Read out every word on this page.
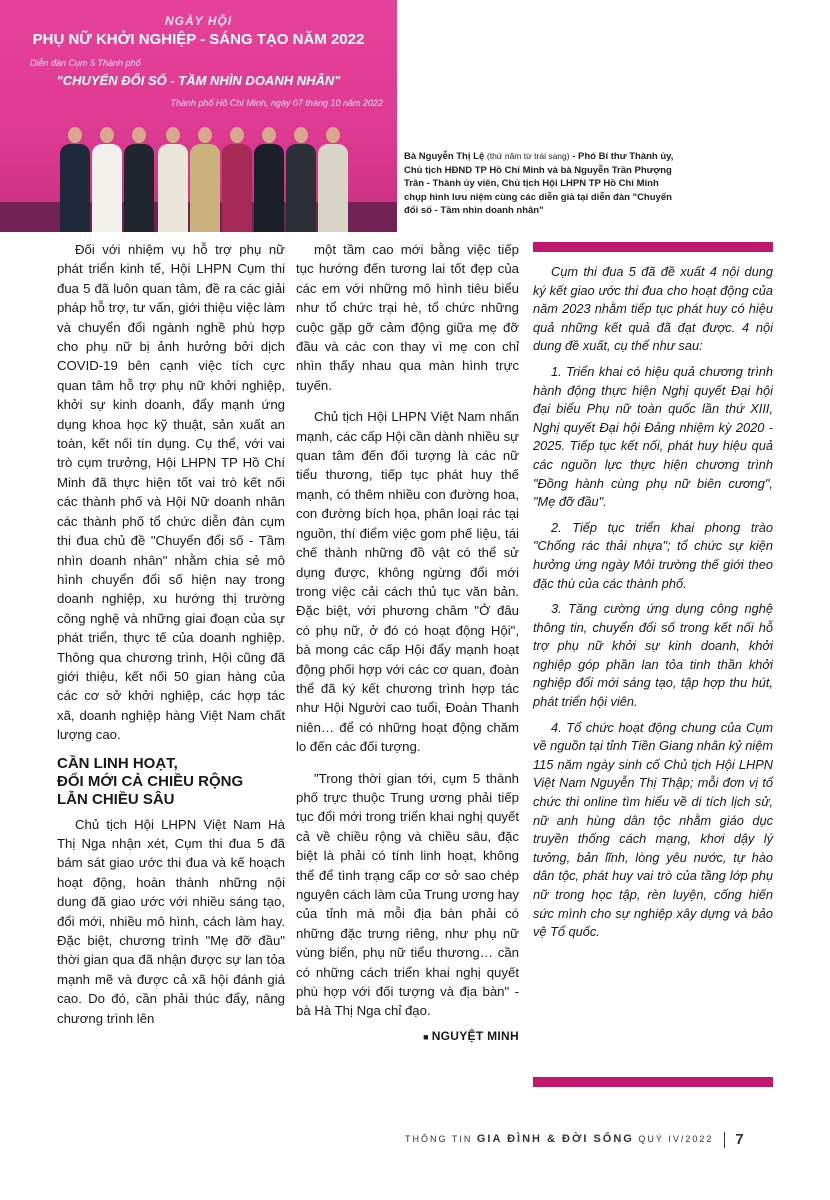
NGÀY HỘI
PHỤ NỮ KHỞI NGHIỆP - SÁNG TẠO NĂM 2022
Diễn đàn Cụm 5 Thành phố
"CHUYỂN ĐỔI SỐ - TẦM NHÌN DOANH NHÂN"
Thành phố Hồ Chí Minh, ngày 07 tháng 10 năm 2022
Bà Nguyễn Thị Lệ (thứ năm từ trái sang) - Phó Bí thư Thành ủy, Chủ tịch HĐND TP Hồ Chí Minh và bà Nguyễn Trần Phượng Trân - Thành ủy viên, Chủ tịch Hội LHPN TP Hồ Chí Minh chụp hình lưu niệm cùng các diễn giả tại diễn đàn "Chuyển đổi số - Tầm nhìn doanh nhân"

Đối với nhiệm vụ hỗ trợ phụ nữ phát triển kinh tế, Hội LHPN Cụm thi đua 5 đã luôn quan tâm, đề ra các giải pháp hỗ trợ, tư vấn, giới thiệu việc làm và chuyển đổi ngành nghề phù hợp cho phụ nữ bị ảnh hưởng bởi dịch COVID-19 bên cạnh việc tích cực quan tâm hỗ trợ phụ nữ khởi nghiệp, khởi sự kinh doanh, đẩy mạnh ứng dụng khoa học kỹ thuật, sản xuất an toàn, kết nối tín dụng. Cụ thể, với vai trò cụm trưởng, Hội LHPN TP Hồ Chí Minh đã thực hiện tốt vai trò kết nối các thành phố và Hội Nữ doanh nhân các thành phố tổ chức diễn đàn cụm thi đua chủ đề "Chuyển đổi số - Tầm nhìn doanh nhân" nhằm chia sẻ mô hình chuyển đổi số hiện nay trong doanh nghiệp, xu hướng thị trường công nghệ và những giai đoạn của sự phát triển, thực tế của doanh nghiệp. Thông qua chương trình, Hội cũng đã giới thiệu, kết nối 50 gian hàng của các cơ sở khởi nghiệp, các hợp tác xã, doanh nghiệp hàng Việt Nam chất lượng cao.

CẦN LINH HOẠT,
ĐỔI MỚI CẢ CHIỀU RỘNG
LẪN CHIỀU SÂU

Chủ tịch Hội LHPN Việt Nam Hà Thị Nga nhận xét, Cụm thi đua 5 đã bám sát giao ước thi đua và kế hoạch hoạt động, hoàn thành những nội dung đã giao ước với nhiều sáng tạo, đổi mới, nhiều mô hình, cách làm hay. Đặc biệt, chương trình "Mẹ đỡ đầu" thời gian qua đã nhận được sự lan tỏa mạnh mẽ và được cả xã hội đánh giá cao. Do đó, cần phải thúc đẩy, nâng chương trình lên

một tầm cao mới bằng việc tiếp tục hướng đến tương lai tốt đẹp của các em với những mô hình tiêu biểu như tổ chức trại hè, tổ chức những cuộc gặp gỡ cảm động giữa mẹ đỡ đầu và các con thay vì mẹ con chỉ nhìn thấy nhau qua màn hình trực tuyến.

Chủ tịch Hội LHPN Việt Nam nhấn mạnh, các cấp Hội cần dành nhiều sự quan tâm đến đối tượng là các nữ tiểu thương, tiếp tục phát huy thế mạnh, có thêm nhiều con đường hoa, con đường bích họa, phân loại rác tại nguồn, thí điểm việc gom phế liệu, tái chế thành những đồ vật có thể sử dụng được, không ngừng đổi mới trong việc cải cách thủ tục văn bản. Đặc biệt, với phương châm "Ở đâu có phụ nữ, ở đó có hoạt động Hội", bà mong các cấp Hội đẩy mạnh hoạt động phối hợp với các cơ quan, đoàn thể đã ký kết chương trình hợp tác như Hội Người cao tuổi, Đoàn Thanh niên… để có những hoạt động chăm lo đến các đối tượng.

"Trong thời gian tới, cụm 5 thành phố trực thuộc Trung ương phải tiếp tục đổi mới trong triển khai nghị quyết cả về chiều rộng và chiều sâu, đặc biệt là phải có tính linh hoạt, không thể để tình trạng cấp cơ sở sao chép nguyên cách làm của Trung ương hay của tỉnh mà mỗi địa bàn phải có những đặc trưng riêng, như phụ nữ vùng biển, phụ nữ tiểu thương… cần có những cách triển khai nghị quyết phù hợp với đối tượng và địa bàn" - bà Hà Thị Nga chỉ đạo.

■ NGUYỆT MINH

Cụm thi đua 5 đã đề xuất 4 nội dung ký kết giao ước thi đua cho hoạt động của năm 2023 nhằm tiếp tục phát huy có hiệu quả những kết quả đã đạt được. 4 nội dung đề xuất, cụ thể như sau:

1. Triển khai có hiệu quả chương trình hành động thực hiện Nghị quyết Đại hội đại biểu Phụ nữ toàn quốc lần thứ XIII, Nghị quyết Đại hội Đảng nhiệm kỳ 2020 - 2025. Tiếp tục kết nối, phát huy hiệu quả các nguồn lực thực hiện chương trình "Đồng hành cùng phụ nữ biên cương", "Mẹ đỡ đầu".

2. Tiếp tục triển khai phong trào "Chống rác thải nhựa"; tổ chức sự kiện hưởng ứng ngày Môi trường thế giới theo đặc thù của các thành phố.

3. Tăng cường ứng dụng công nghệ thông tin, chuyển đổi số trong kết nối hỗ trợ phụ nữ khởi sự kinh doanh, khởi nghiệp góp phần lan tỏa tinh thần khởi nghiệp đổi mới sáng tạo, tập hợp thu hút, phát triển hội viên.

4. Tổ chức hoạt động chung của Cụm về nguồn tại tỉnh Tiền Giang nhân kỷ niệm 115 năm ngày sinh cố Chủ tịch Hội LHPN Việt Nam Nguyễn Thị Thập; mỗi đơn vị tổ chức thi online tìm hiểu về di tích lịch sử, nữ anh hùng dân tộc nhằm giáo dục truyền thống cách mạng, khơi dậy lý tưởng, bản lĩnh, lòng yêu nước, tự hào dân tộc, phát huy vai trò của tầng lớp phụ nữ trong học tập, rèn luyện, cống hiến sức mình cho sự nghiệp xây dựng và bảo vệ Tổ quốc.

THÔNG TIN GIA ĐÌNH & ĐỜI SỐNG QUÝ IV/2022 7
